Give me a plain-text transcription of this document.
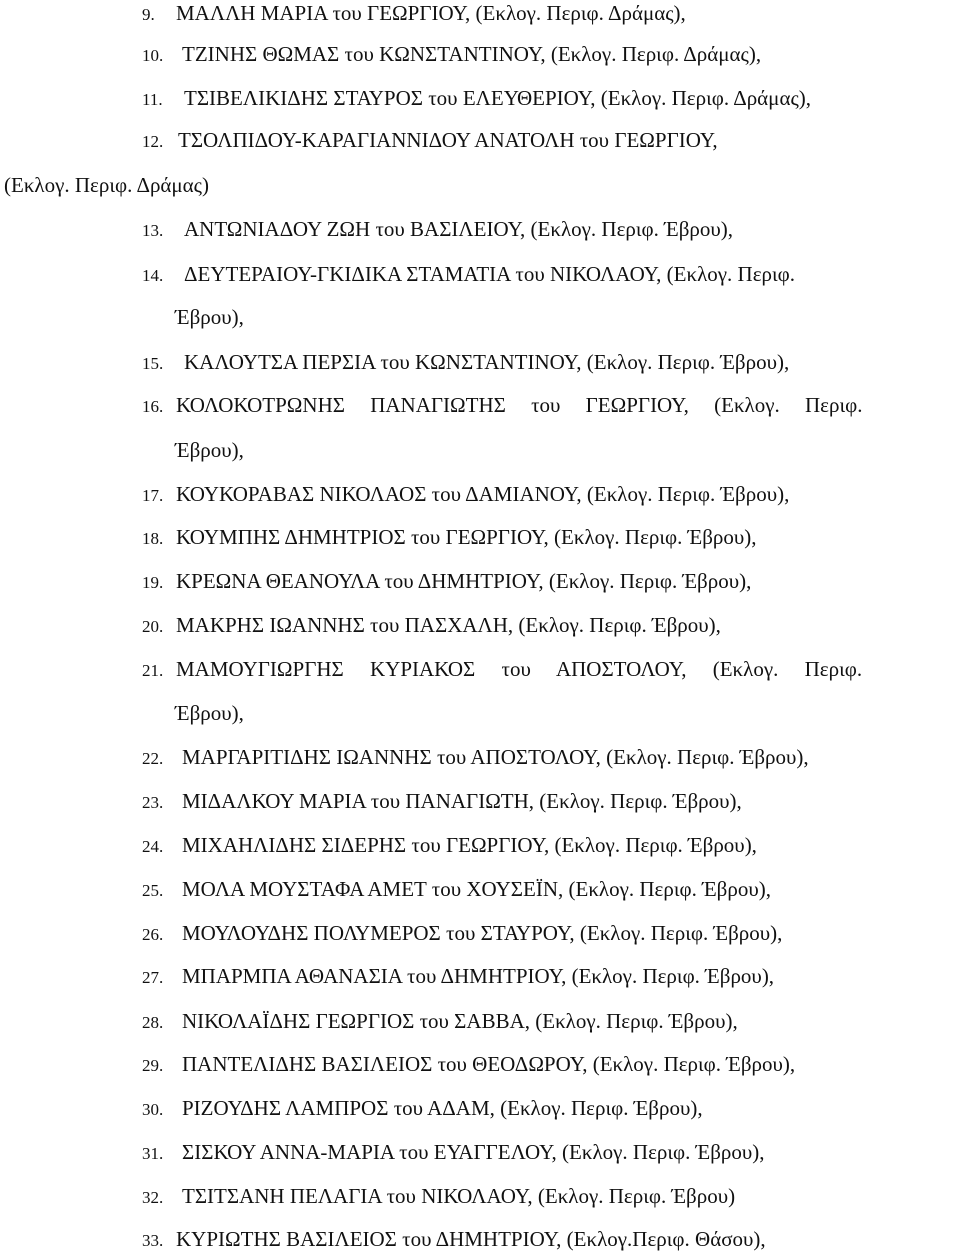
9. ΜΑΛΛΗ ΜΑΡΙΑ του ΓΕΩΡΓΙΟΥ, (Εκλογ. Περιφ. Δράμας),
10. ΤΖΙΝΗΣ ΘΩΜΑΣ του ΚΩΝΣΤΑΝΤΙΝΟΥ, (Εκλογ. Περιφ. Δράμας),
11. ΤΣΙΒΕΛΙΚΙΔΗΣ ΣΤΑΥΡΟΣ του ΕΛΕΥΘΕΡΙΟΥ, (Εκλογ. Περιφ. Δράμας),
12. ΤΣΟΛΠΙΔΟΥ-ΚΑΡΑΓΙΑΝΝΙΔΟΥ ΑΝΑΤΟΛΗ του ΓΕΩΡΓΙΟΥ,
(Εκλογ. Περιφ. Δράμας)
13. ΑΝΤΩΝΙΑΔΟΥ ΖΩΗ του ΒΑΣΙΛΕΙΟΥ, (Εκλογ. Περιφ. Έβρου),
14. ΔΕΥΤΕΡΑΙΟΥ-ΓΚΙΔΙΚΑ ΣΤΑΜΑΤΙΑ του ΝΙΚΟΛΑΟΥ, (Εκλογ. Περιφ.
Έβρου),
15. ΚΑΛΟΥΤΣΑ ΠΕΡΣΙΑ του ΚΩΝΣΤΑΝΤΙΝΟΥ, (Εκλογ. Περιφ. Έβρου),
16. ΚΟΛΟΚΟΤΡΩΝΗΣ ΠΑΝΑΓΙΩΤΗΣ του ΓΕΩΡΓΙΟΥ, (Εκλογ. Περιφ.
Έβρου),
17. ΚΟΥΚΟΡΑΒΑΣ ΝΙΚΟΛΑΟΣ του ΔΑΜΙΑΝΟΥ, (Εκλογ. Περιφ. Έβρου),
18. ΚΟΥΜΠΗΣ ΔΗΜΗΤΡΙΟΣ του ΓΕΩΡΓΙΟΥ, (Εκλογ. Περιφ. Έβρου),
19. ΚΡΕΩΝΑ ΘΕΑΝΟΥΛΑ του ΔΗΜΗΤΡΙΟΥ, (Εκλογ. Περιφ. Έβρου),
20. ΜΑΚΡΗΣ ΙΩΑΝΝΗΣ του ΠΑΣΧΑΛΗ, (Εκλογ. Περιφ. Έβρου),
21. ΜΑΜΟΥΓΙΩΡΓΗΣ ΚΥΡΙΑΚΟΣ του ΑΠΟΣΤΟΛΟΥ, (Εκλογ. Περιφ.
Έβρου),
22. ΜΑΡΓΑΡΙΤΙΔΗΣ ΙΩΑΝΝΗΣ του ΑΠΟΣΤΟΛΟΥ, (Εκλογ. Περιφ. Έβρου),
23. ΜΙΔΑΛΚΟΥ ΜΑΡΙΑ του ΠΑΝΑΓΙΩΤΗ, (Εκλογ. Περιφ. Έβρου),
24. ΜΙΧΑΗΛΙΔΗΣ ΣΙΔΕΡΗΣ του ΓΕΩΡΓΙΟΥ, (Εκλογ. Περιφ. Έβρου),
25. ΜΟΛΑ ΜΟΥΣΤΑΦΑ ΑΜΕΤ του ΧΟΥΣΕΪΝ, (Εκλογ. Περιφ. Έβρου),
26. ΜΟΥΛΟΥΔΗΣ ΠΟΛΥΜΕΡΟΣ του ΣΤΑΥΡΟΥ, (Εκλογ. Περιφ. Έβρου),
27. ΜΠΑΡΜΠΑ ΑΘΑΝΑΣΙΑ του ΔΗΜΗΤΡΙΟΥ, (Εκλογ. Περιφ. Έβρου),
28. ΝΙΚΟΛΑΪΔΗΣ ΓΕΩΡΓΙΟΣ του ΣΑΒΒΑ, (Εκλογ. Περιφ. Έβρου),
29. ΠΑΝΤΕΛΙΔΗΣ ΒΑΣΙΛΕΙΟΣ του ΘΕΟΔΩΡΟΥ, (Εκλογ. Περιφ. Έβρου),
30. ΡΙΖΟΥΔΗΣ ΛΑΜΠΡΟΣ του ΑΔΑΜ, (Εκλογ. Περιφ. Έβρου),
31. ΣΙΣΚΟΥ ΑΝΝΑ-ΜΑΡΙΑ του ΕΥΑΓΓΕΛΟΥ, (Εκλογ. Περιφ. Έβρου),
32. ΤΣΙΤΣΑΝΗ ΠΕΛΑΓΙΑ του ΝΙΚΟΛΑΟΥ, (Εκλογ. Περιφ. Έβρου)
33. ΚΥΡΙΩΤΗΣ ΒΑΣΙΛΕΙΟΣ του ΔΗΜΗΤΡΙΟΥ, (Εκλογ.Περιφ. Θάσου),
